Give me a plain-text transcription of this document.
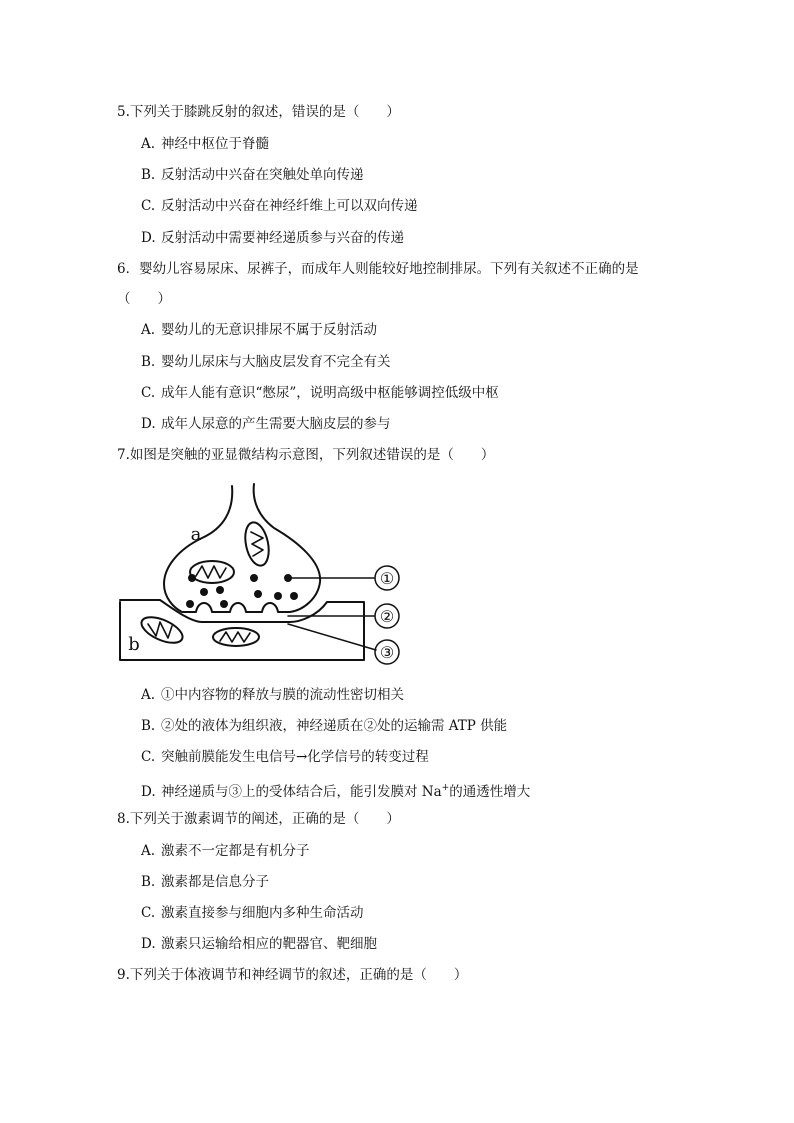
5.下列关于膝跳反射的叙述，错误的是（　　）
A. 神经中枢位于脊髓
B. 反射活动中兴奋在突触处单向传递
C. 反射活动中兴奋在神经纤维上可以双向传递
D. 反射活动中需要神经递质参与兴奋的传递
6．婴幼儿容易尿床、尿裤子，而成年人则能较好地控制排尿。下列有关叙述不正确的是
（　　）
A. 婴幼儿的无意识排尿不属于反射活动
B. 婴幼儿尿床与大脑皮层发育不完全有关
C. 成年人能有意识“憋尿”，说明高级中枢能够调控低级中枢
D. 成年人尿意的产生需要大脑皮层的参与
7.如图是突触的亚显微结构示意图，下列叙述错误的是（　　）
①
②
③
a
b
A. ①中内容物的释放与膜的流动性密切相关
B. ②处的液体为组织液，神经递质在②处的运输需 ATP 供能
C. 突触前膜能发生电信号→化学信号的转变过程
D. 神经递质与③上的受体结合后，能引发膜对 Na+的通透性增大
8.下列关于激素调节的阐述，正确的是（　　）
A. 激素不一定都是有机分子
B. 激素都是信息分子
C. 激素直接参与细胞内多种生命活动
D. 激素只运输给相应的靶器官、靶细胞
9.下列关于体液调节和神经调节的叙述，正确的是（　　）
